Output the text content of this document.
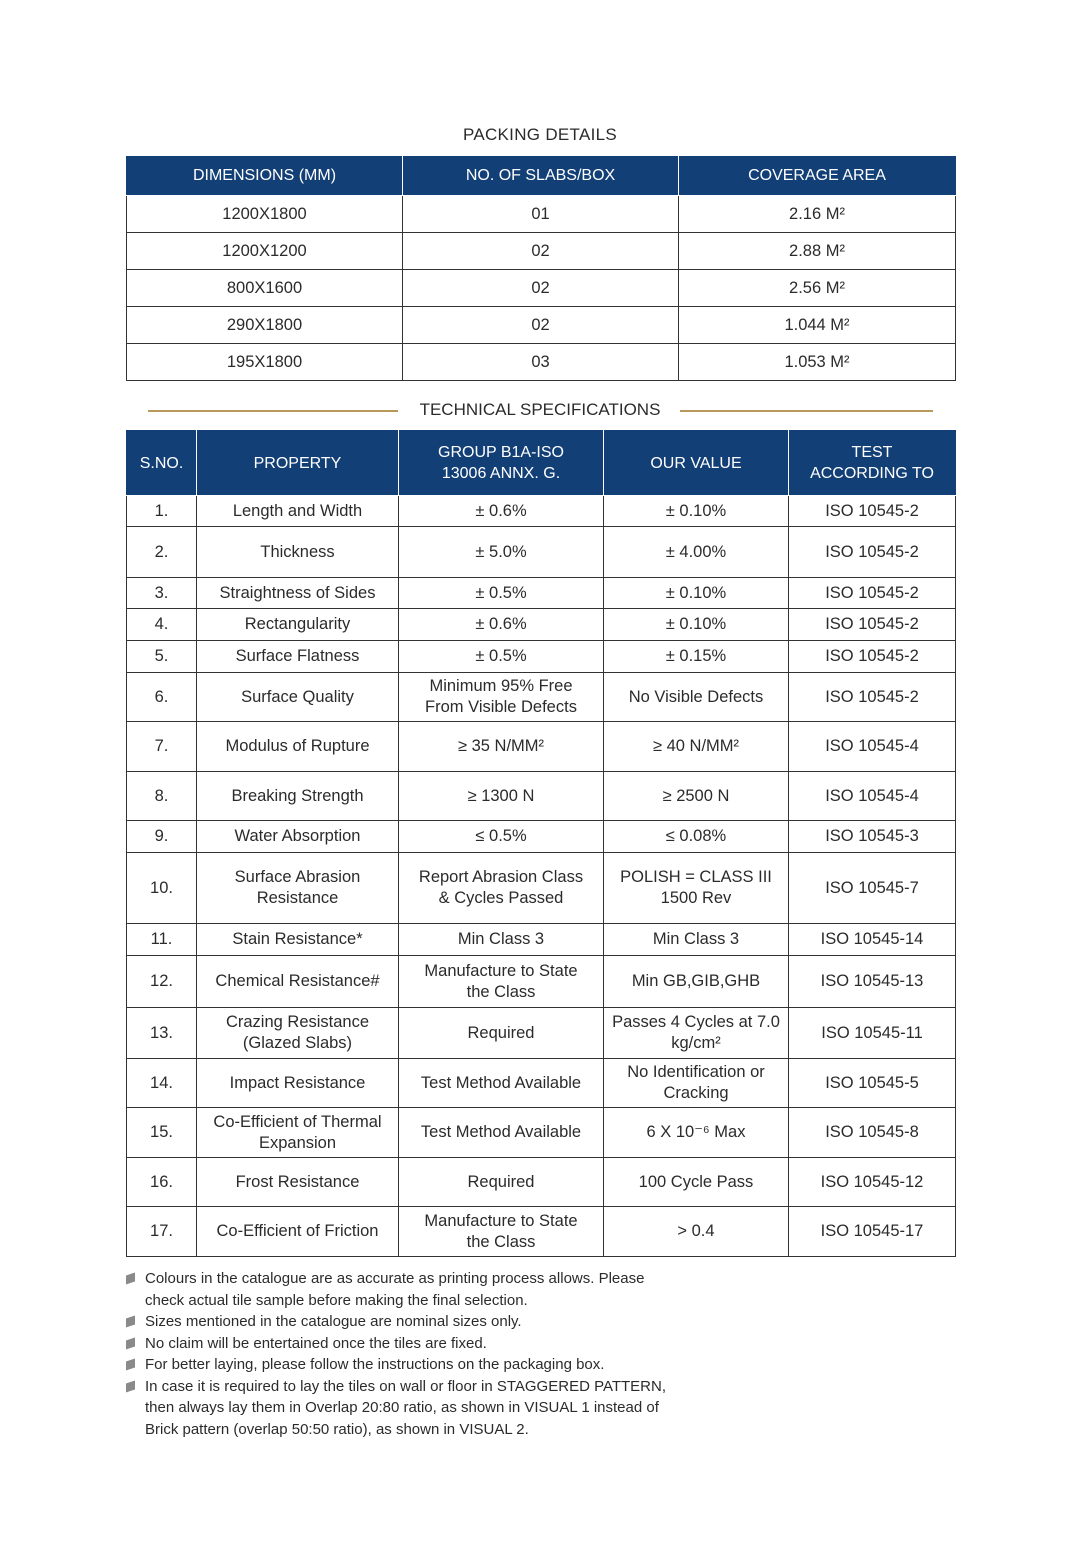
PACKING DETAILS
DIMENSIONS (MM)	NO. OF SLABS/BOX	COVERAGE AREA
1200X1800	01	2.16 M²
1200X1200	02	2.88 M²
800X1600	02	2.56 M²
290X1800	02	1.044 M²
195X1800	03	1.053 M²
TECHNICAL SPECIFICATIONS
S.NO.	PROPERTY	GROUP B1A-ISO 13006 ANNX. G.	OUR VALUE	TEST ACCORDING TO
1.	Length and Width	± 0.6%	± 0.10%	ISO 10545-2
2.	Thickness	± 5.0%	± 4.00%	ISO 10545-2
3.	Straightness of Sides	± 0.5%	± 0.10%	ISO 10545-2
4.	Rectangularity	± 0.6%	± 0.10%	ISO 10545-2
5.	Surface Flatness	± 0.5%	± 0.15%	ISO 10545-2
6.	Surface Quality	Minimum 95% Free From Visible Defects	No Visible Defects	ISO 10545-2
7.	Modulus of Rupture	≥ 35 N/MM²	≥ 40 N/MM²	ISO 10545-4
8.	Breaking Strength	≥ 1300 N	≥ 2500 N	ISO 10545-4
9.	Water Absorption	≤ 0.5%	≤ 0.08%	ISO 10545-3
10.	Surface Abrasion Resistance	Report Abrasion Class & Cycles Passed	POLISH = CLASS III 1500 Rev	ISO 10545-7
11.	Stain Resistance*	Min Class 3	Min Class 3	ISO 10545-14
12.	Chemical Resistance#	Manufacture to State the Class	Min GB,GIB,GHB	ISO 10545-13
13.	Crazing Resistance (Glazed Slabs)	Required	Passes 4 Cycles at 7.0 kg/cm²	ISO 10545-11
14.	Impact Resistance	Test Method Available	No Identification or Cracking	ISO 10545-5
15.	Co-Efficient of Thermal Expansion	Test Method Available	6 X 10⁻⁶ Max	ISO 10545-8
16.	Frost Resistance	Required	100 Cycle Pass	ISO 10545-12
17.	Co-Efficient of Friction	Manufacture to State the Class	> 0.4	ISO 10545-17
Colours in the catalogue are as accurate as printing process allows. Please check actual tile sample before making the final selection.
Sizes mentioned in the catalogue are nominal sizes only.
No claim will be entertained once the tiles are fixed.
For better laying, please follow the instructions on the packaging box.
In case it is required to lay the tiles on wall or floor in STAGGERED PATTERN, then always lay them in Overlap 20:80 ratio, as shown in VISUAL 1 instead of Brick pattern (overlap 50:50 ratio), as shown in VISUAL 2.
